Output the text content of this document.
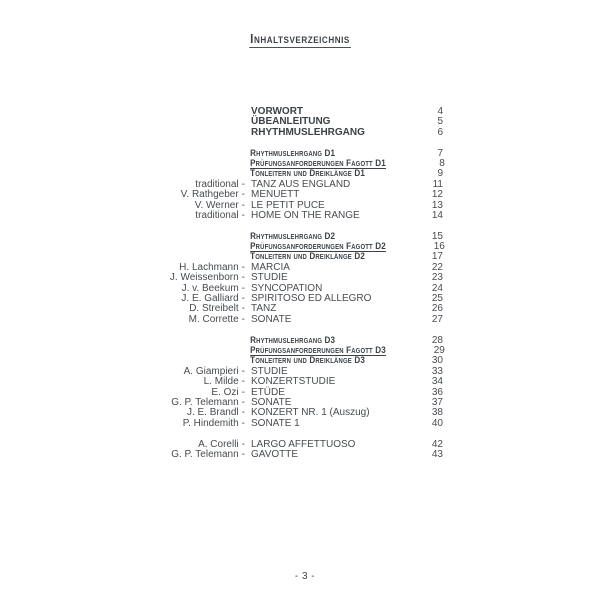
Inhaltsverzeichnis
VORWORT	4
ÜBEANLEITUNG	5
RHYTHMUSLEHRGANG	6
Rhythmuslehrgang D1	7
Prüfungsanforderungen Fagott D1	8
Tonleitern und Dreiklänge D1	9
traditional - TANZ AUS ENGLAND	11
V. Rathgeber - MENUETT	12
V. Werner - LE PETIT PUCE	13
traditional - HOME ON THE RANGE	14
Rhythmuslehrgang D2	15
Prüfungsanforderungen Fagott D2	16
Tonleitern und Dreiklänge D2	17
H. Lachmann - MARCIA	22
J. Weissenborn - STUDIE	23
J. v. Beekum - SYNCOPATION	24
J. E. Galliard - SPIRITOSO ED ALLEGRO	25
D. Streibelt - TANZ	26
M. Corrette - SONATE	27
Rhythmuslehrgang D3	28
Prüfungsanforderungen Fagott D3	29
Tonleitern und Dreiklänge D3	30
A. Giampieri - STUDIE	33
L. Milde - KONZERTSTUDIE	34
E. Ozi - ETÜDE	36
G. P. Telemann - SONATE	37
J. E. Brandl - KONZERT NR. 1 (Auszug)	38
P. Hindemith - SONATE 1	40
A. Corelli - LARGO AFFETTUOSO	42
G. P. Telemann - GAVOTTE	43
- 3 -
